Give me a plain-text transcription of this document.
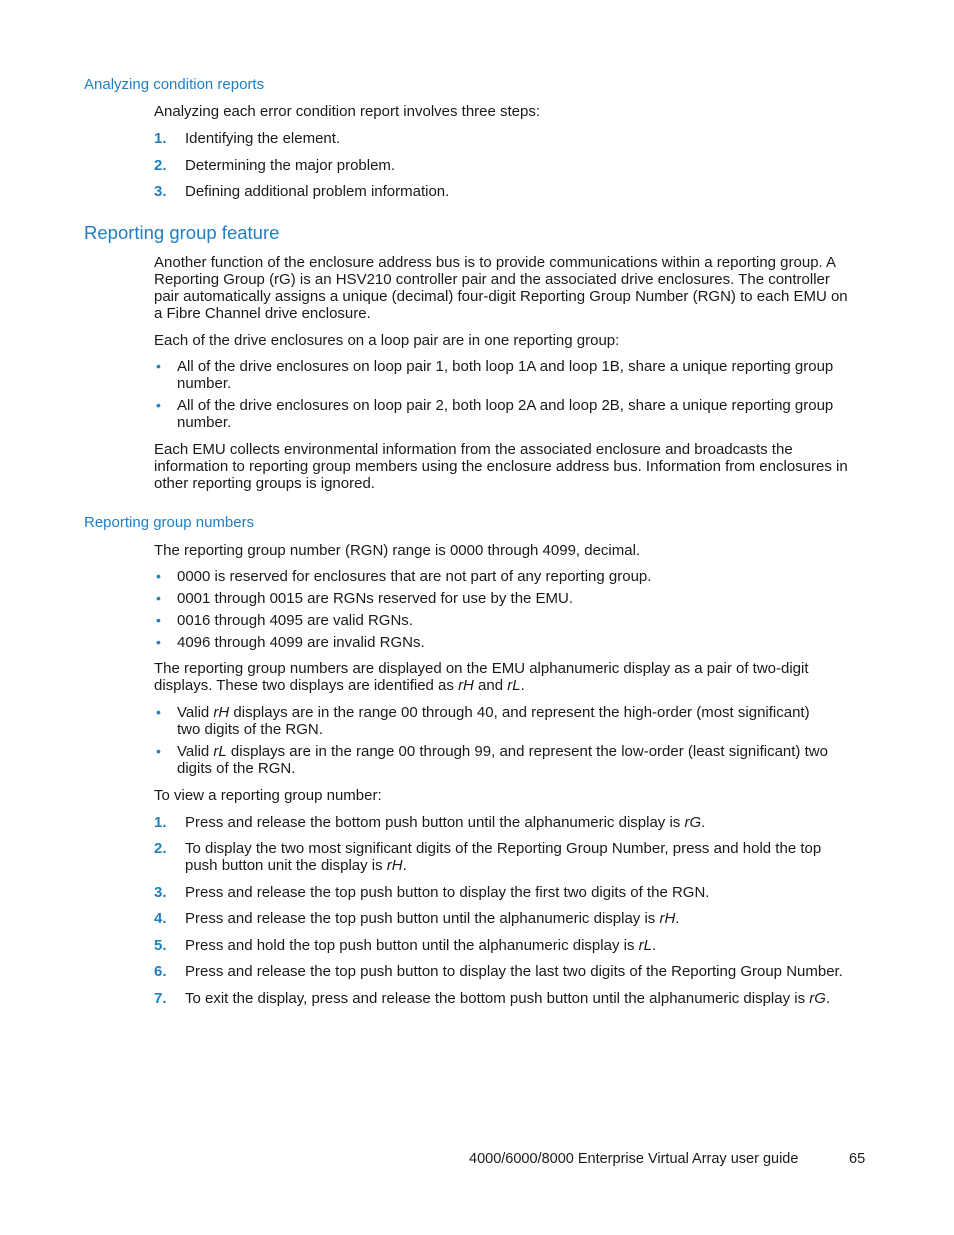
Analyzing condition reports

Analyzing each error condition report involves three steps:

1. Identifying the element.
2. Determining the major problem.
3. Defining additional problem information.
Reporting group feature

Another function of the enclosure address bus is to provide communications within a reporting group. A Reporting Group (rG) is an HSV210 controller pair and the associated drive enclosures. The controller pair automatically assigns a unique (decimal) four-digit Reporting Group Number (RGN) to each EMU on a Fibre Channel drive enclosure.

Each of the drive enclosures on a loop pair are in one reporting group:

• All of the drive enclosures on loop pair 1, both loop 1A and loop 1B, share a unique reporting group number.
• All of the drive enclosures on loop pair 2, both loop 2A and loop 2B, share a unique reporting group number.

Each EMU collects environmental information from the associated enclosure and broadcasts the information to reporting group members using the enclosure address bus. Information from enclosures in other reporting groups is ignored.

Reporting group numbers

The reporting group number (RGN) range is 0000 through 4099, decimal.

• 0000 is reserved for enclosures that are not part of any reporting group.
• 0001 through 0015 are RGNs reserved for use by the EMU.
• 0016 through 4095 are valid RGNs.
• 4096 through 4099 are invalid RGNs.

The reporting group numbers are displayed on the EMU alphanumeric display as a pair of two-digit displays. These two displays are identified as rH and rL.

• Valid rH displays are in the range 00 through 40, and represent the high-order (most significant) two digits of the RGN.
• Valid rL displays are in the range 00 through 99, and represent the low-order (least significant) two digits of the RGN.

To view a reporting group number:

1. Press and release the bottom push button until the alphanumeric display is rG.
2. To display the two most significant digits of the Reporting Group Number, press and hold the top push button unit the display is rH.
3. Press and release the top push button to display the first two digits of the RGN.
4. Press and release the top push button until the alphanumeric display is rH.
5. Press and hold the top push button until the alphanumeric display is rL.
6. Press and release the top push button to display the last two digits of the Reporting Group Number.
7. To exit the display, press and release the bottom push button until the alphanumeric display is rG.
4000/6000/8000 Enterprise Virtual Array user guide	65
